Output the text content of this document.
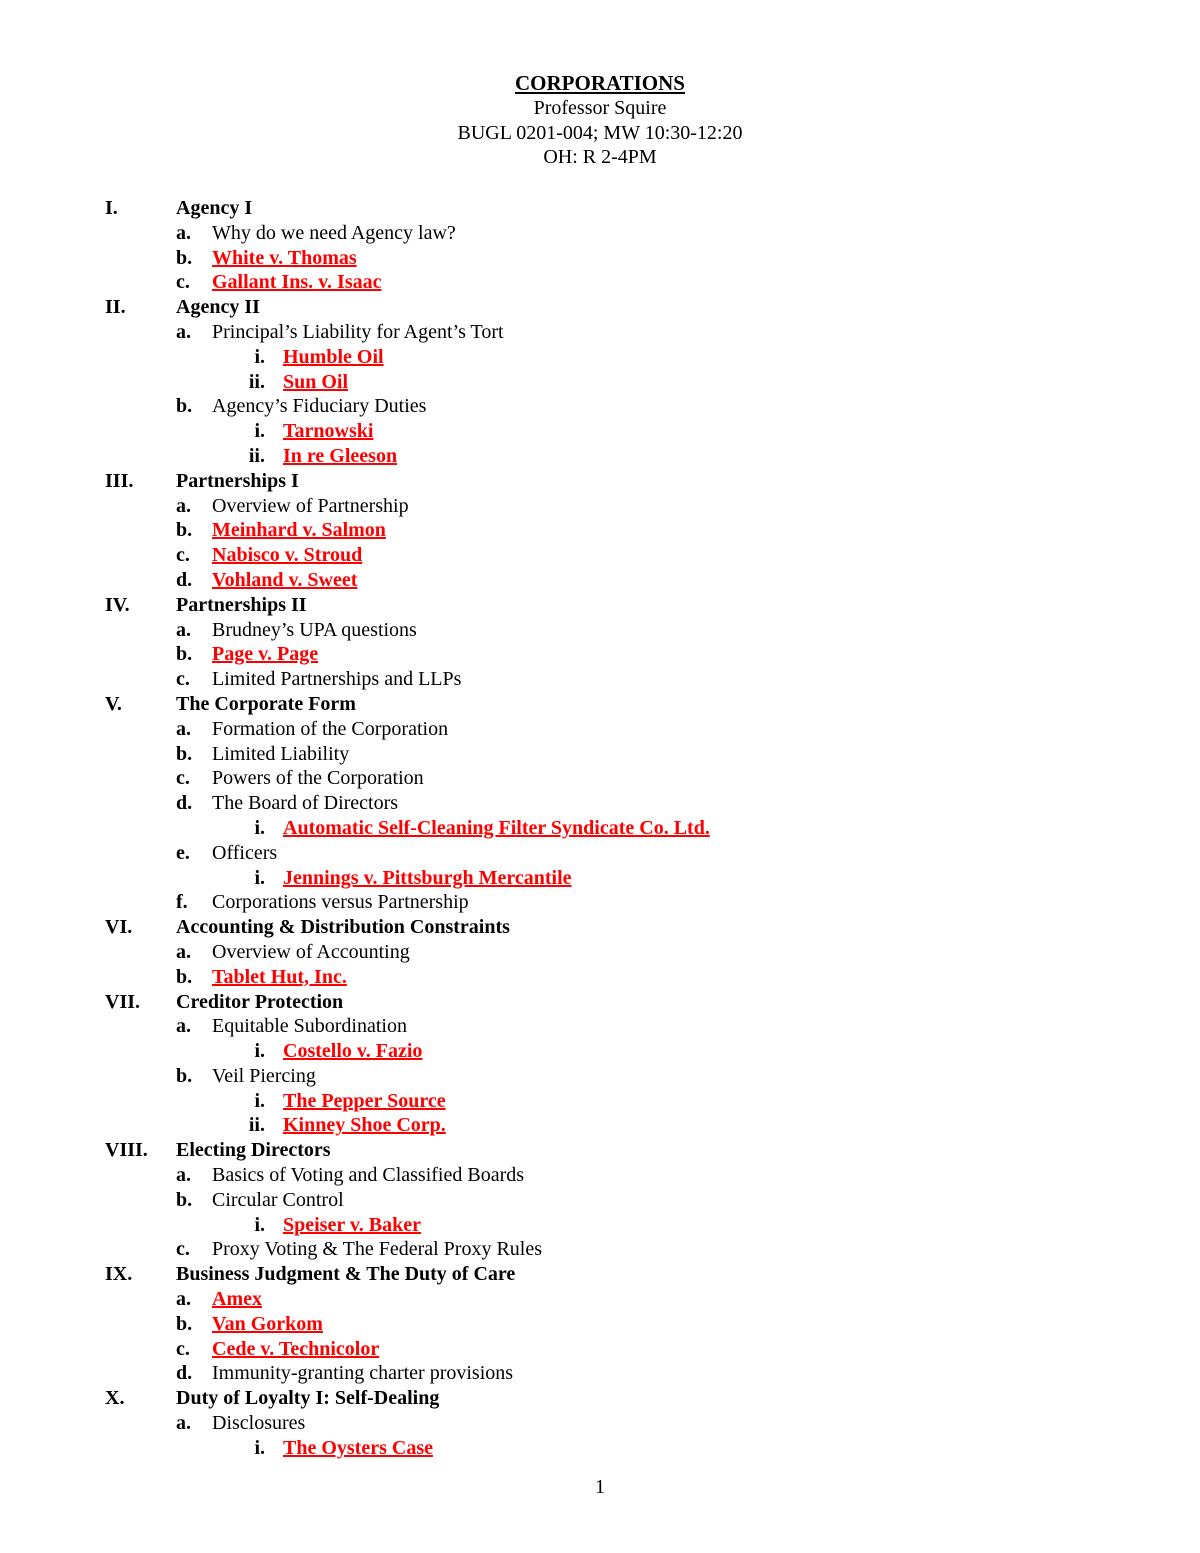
CORPORATIONS
Professor Squire
BUGL 0201-004; MW 10:30-12:20
OH: R 2-4PM
I.	Agency I
a. Why do we need Agency law?
b. White v. Thomas
c. Gallant Ins. v. Isaac
II.	Agency II
a. Principal’s Liability for Agent’s Tort
i. Humble Oil
ii. Sun Oil
b. Agency’s Fiduciary Duties
i. Tarnowski
ii. In re Gleeson
III. Partnerships I
a. Overview of Partnership
b. Meinhard v. Salmon
c. Nabisco v. Stroud
d. Vohland v. Sweet
IV. Partnerships II
a. Brudney’s UPA questions
b. Page v. Page
c. Limited Partnerships and LLPs
V.	The Corporate Form
a. Formation of the Corporation
b. Limited Liability
c. Powers of the Corporation
d. The Board of Directors
i. Automatic Self-Cleaning Filter Syndicate Co. Ltd.
e. Officers
i. Jennings v. Pittsburgh Mercantile
f. Corporations versus Partnership
VI. Accounting & Distribution Constraints
a. Overview of Accounting
b. Tablet Hut, Inc.
VII. Creditor Protection
a. Equitable Subordination
i. Costello v. Fazio
b. Veil Piercing
i. The Pepper Source
ii. Kinney Shoe Corp.
VIII. Electing Directors
a. Basics of Voting and Classified Boards
b. Circular Control
i. Speiser v. Baker
c. Proxy Voting & The Federal Proxy Rules
IX. Business Judgment & The Duty of Care
a. Amex
b. Van Gorkom
c. Cede v. Technicolor
d. Immunity-granting charter provisions
X.	Duty of Loyalty I: Self-Dealing
a. Disclosures
i. The Oysters Case
1
